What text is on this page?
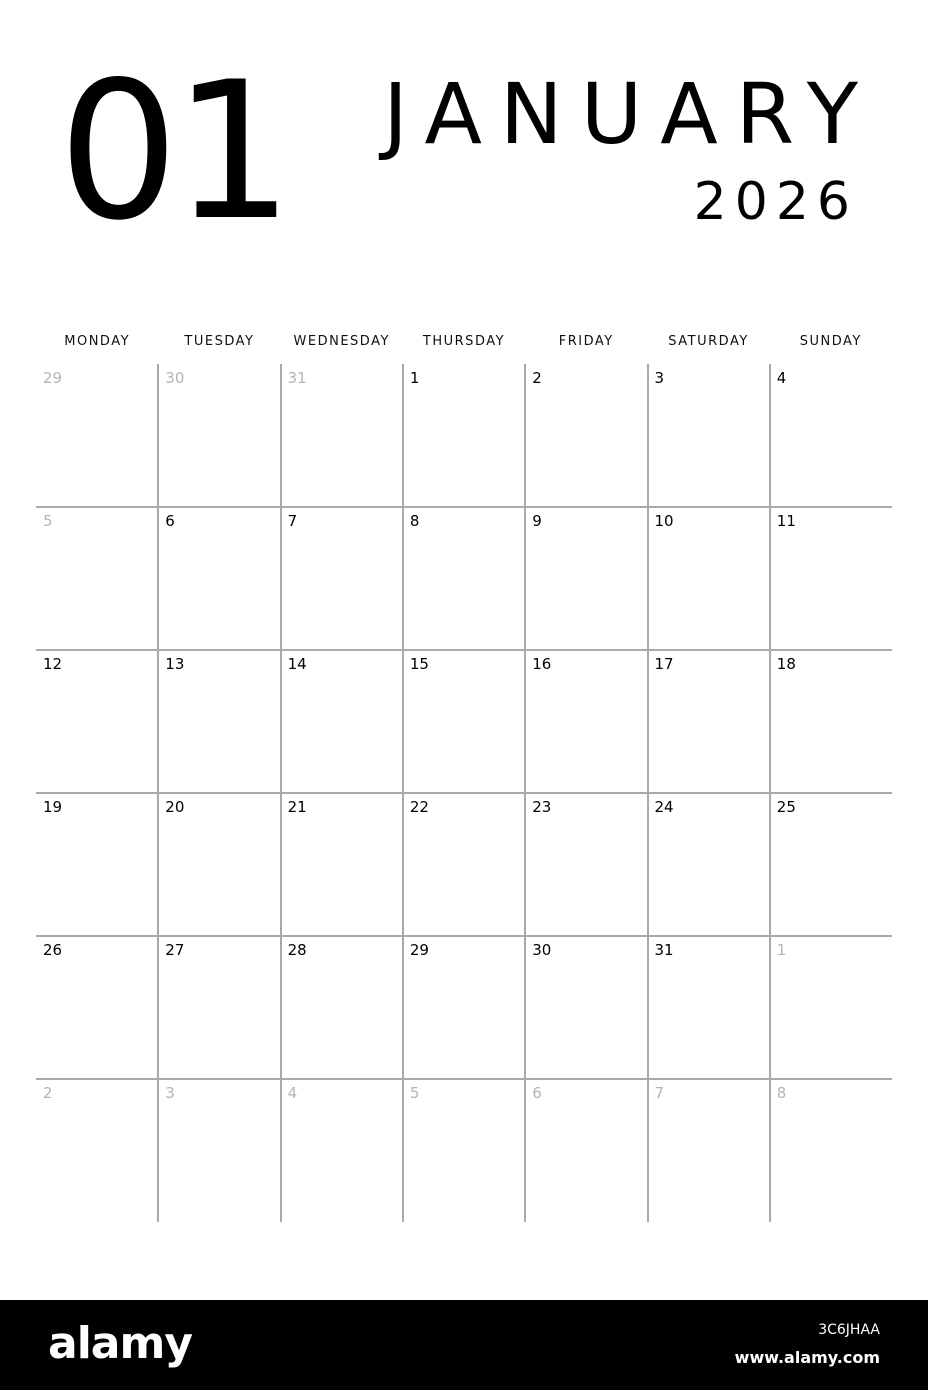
01 JANUARY
2026
MONDAY	TUESDAY	WEDNESDAY	THURSDAY	FRIDAY	SATURDAY	SUNDAY
29	30	31	1	2	3	4
5	6	7	8	9	10	11
12	13	14	15	16	17	18
19	20	21	22	23	24	25
26	27	28	29	30	31	1
2	3	4	5	6	7	8
alamy	3C6JHAA
www.alamy.com
